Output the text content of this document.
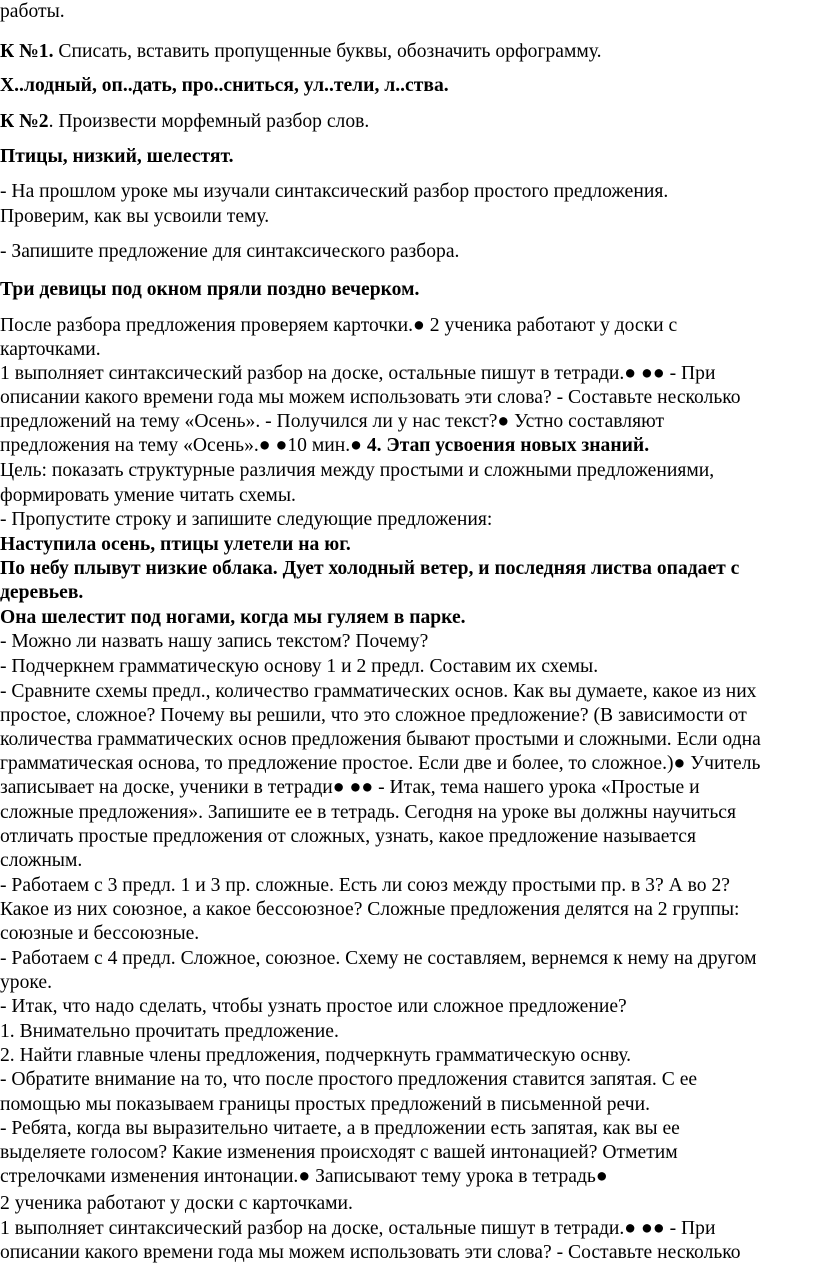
работы.
К №1. Списать, вставить пропущенные буквы, обозначить орфограмму.
Х..лодный, оп..дать, про..сниться, ул..тели, л..ства.
К №2. Произвести морфемный разбор слов.
Птицы, низкий, шелестят.
- На прошлом уроке мы изучали синтаксический разбор простого предложения.
Проверим, как вы усвоили тему.
- Запишите предложение для синтаксического разбора.
Три девицы под окном пряли поздно вечерком.
После разбора предложения проверяем карточки.● 2 ученика работают у доски с
карточками.
1 выполняет синтаксический разбор на доске, остальные пишут в тетради.● ●● - При
описании какого времени года мы можем использовать эти слова? - Составьте несколько
предложений на тему «Осень». - Получился ли у нас текст?● Устно составляют
предложения на тему «Осень».● ●10 мин.● 4. Этап усвоения новых знаний.
Цель: показать структурные различия между простыми и сложными предложениями,
формировать умение читать схемы.
- Пропустите строку и запишите следующие предложения:
Наступила осень, птицы улетели на юг.
По небу плывут низкие облака. Дует холодный ветер, и последняя листва опадает с
деревьев.
Она шелестит под ногами, когда мы гуляем в парке.
- Можно ли назвать нашу запись текстом? Почему?
- Подчеркнем грамматическую основу 1 и 2 предл. Составим их схемы.
- Сравните схемы предл., количество грамматических основ. Как вы думаете, какое из них
простое, сложное? Почему вы решили, что это сложное предложение? (В зависимости от
количества грамматических основ предложения бывают простыми и сложными. Если одна
грамматическая основа, то предложение простое. Если две и более, то сложное.)● Учитель
записывает на доске, ученики в тетради● ●● - Итак, тема нашего урока «Простые и
сложные предложения». Запишите ее в тетрадь. Сегодня на уроке вы должны научиться
отличать простые предложения от сложных, узнать, какое предложение называется
сложным.
- Работаем с 3 предл. 1 и 3 пр. сложные. Есть ли союз между простыми пр. в 3? А во 2?
Какое из них союзное, а какое бессоюзное? Сложные предложения делятся на 2 группы:
союзные и бессоюзные.
- Работаем с 4 предл. Сложное, союзное. Схему не составляем, вернемся к нему на другом
уроке.
- Итак, что надо сделать, чтобы узнать простое или сложное предложение?
1. Внимательно прочитать предложение.
2. Найти главные члены предложения, подчеркнуть грамматическую оснву.
- Обратите внимание на то, что после простого предложения ставится запятая. С ее
помощью мы показываем границы простых предложений в письменной речи.
- Ребята, когда вы выразительно читаете, а в предложении есть запятая, как вы ее
выделяете голосом? Какие изменения происходят с вашей интонацией? Отметим
стрелочками изменения интонации.● Записывают тему урока в тетрадь●
2 ученика работают у доски с карточками.
1 выполняет синтаксический разбор на доске, остальные пишут в тетради.● ●● - При
описании какого времени года мы можем использовать эти слова? - Составьте несколько
